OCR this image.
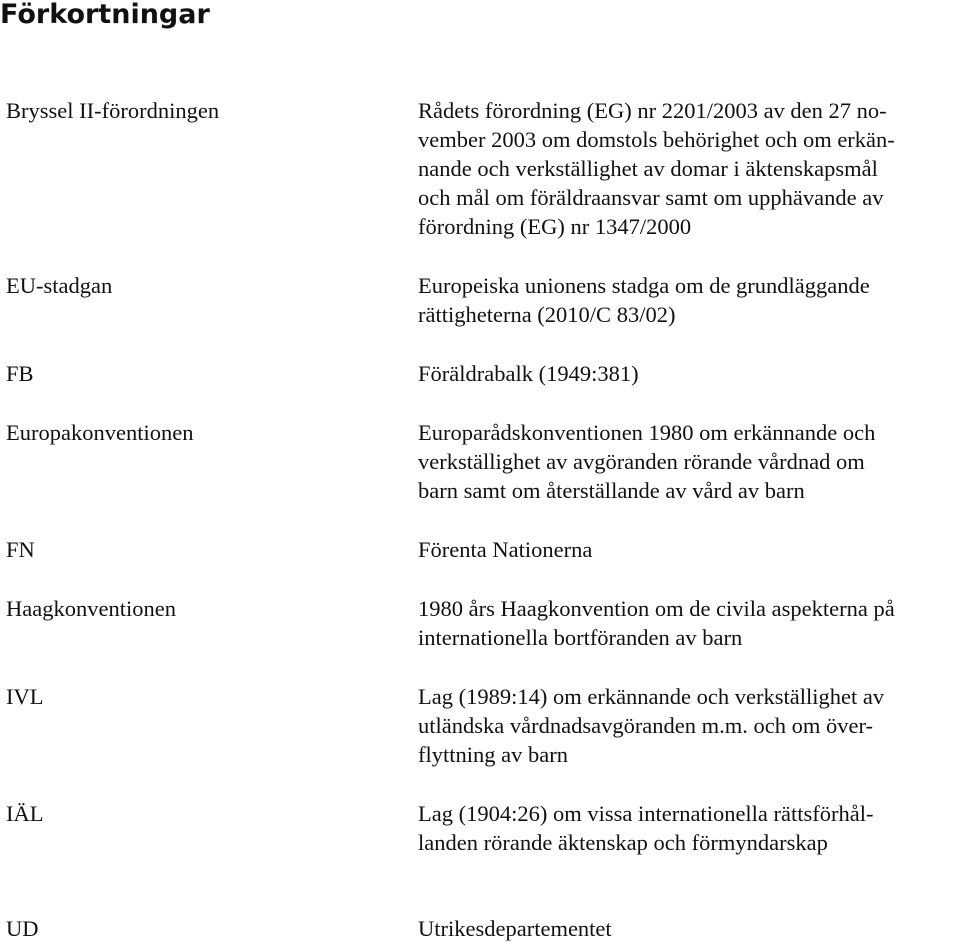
Förkortningar
Bryssel II-förordningen	Rådets förordning (EG) nr 2201/2003 av den 27 no-
vember 2003 om domstols behörighet och om erkän-
nande och verkställighet av domar i äktenskapsmål
och mål om föräldraansvar samt om upphävande av
förordning (EG) nr 1347/2000
EU-stadgan	Europeiska unionens stadga om de grundläggande
rättigheterna (2010/C 83/02)
FB	Föräldrabalk (1949:381)
Europakonventionen	Europarådskonventionen 1980 om erkännande och
verkställighet av avgöranden rörande vårdnad om
barn samt om återställande av vård av barn
FN	Förenta Nationerna
Haagkonventionen	1980 års Haagkonvention om de civila aspekterna på
internationella bortföranden av barn
IVL	Lag (1989:14) om erkännande och verkställighet av
utländska vårdnadsavgöranden m.m. och om över-
flyttning av barn
IÄL	Lag (1904:26) om vissa internationella rättsförhål-
landen rörande äktenskap och förmyndarskap
UD	Utrikesdepartementet
